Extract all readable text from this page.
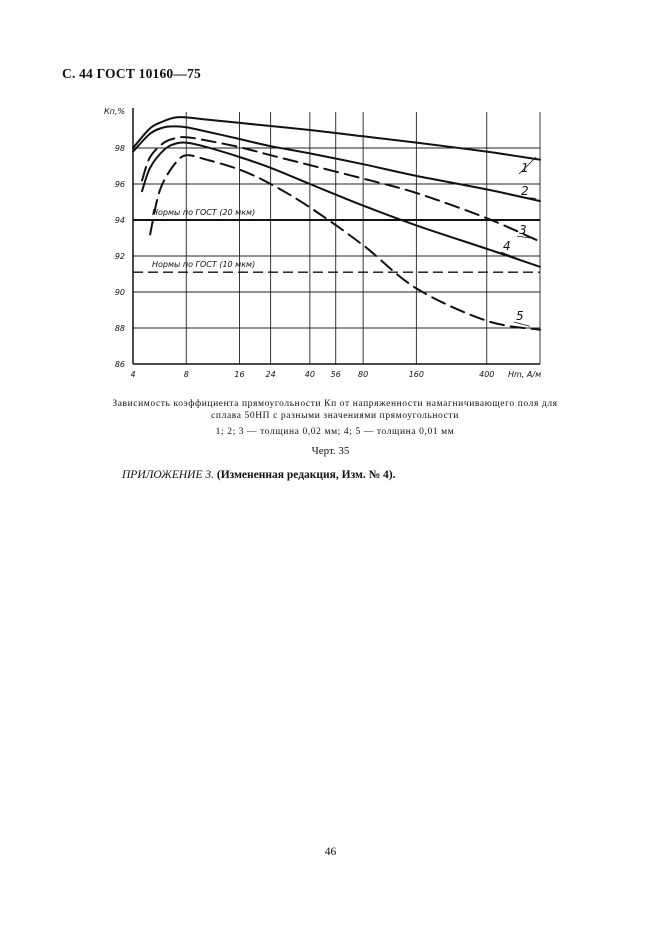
С. 44 ГОСТ 10160—75
4	8	16	24	40 56 80	160	400
86
88
90
92
94
96
98
Кп,%
Hm, A/м
Нормы по ГОСТ (20 мкм)
Нормы по ГОСТ (10 мкм)
1
2
3
4
5
Зависимость коэффициента прямоугольности Кп от напряженности намагничивающего поля для сплава 50НП с разными значениями прямоугольности
1; 2; 3 — толщина 0,02 мм; 4; 5 — толщина 0,01 мм
Черт. 35
ПРИЛОЖЕНИЕ 3. (Измененная редакция, Изм. № 4).
46
